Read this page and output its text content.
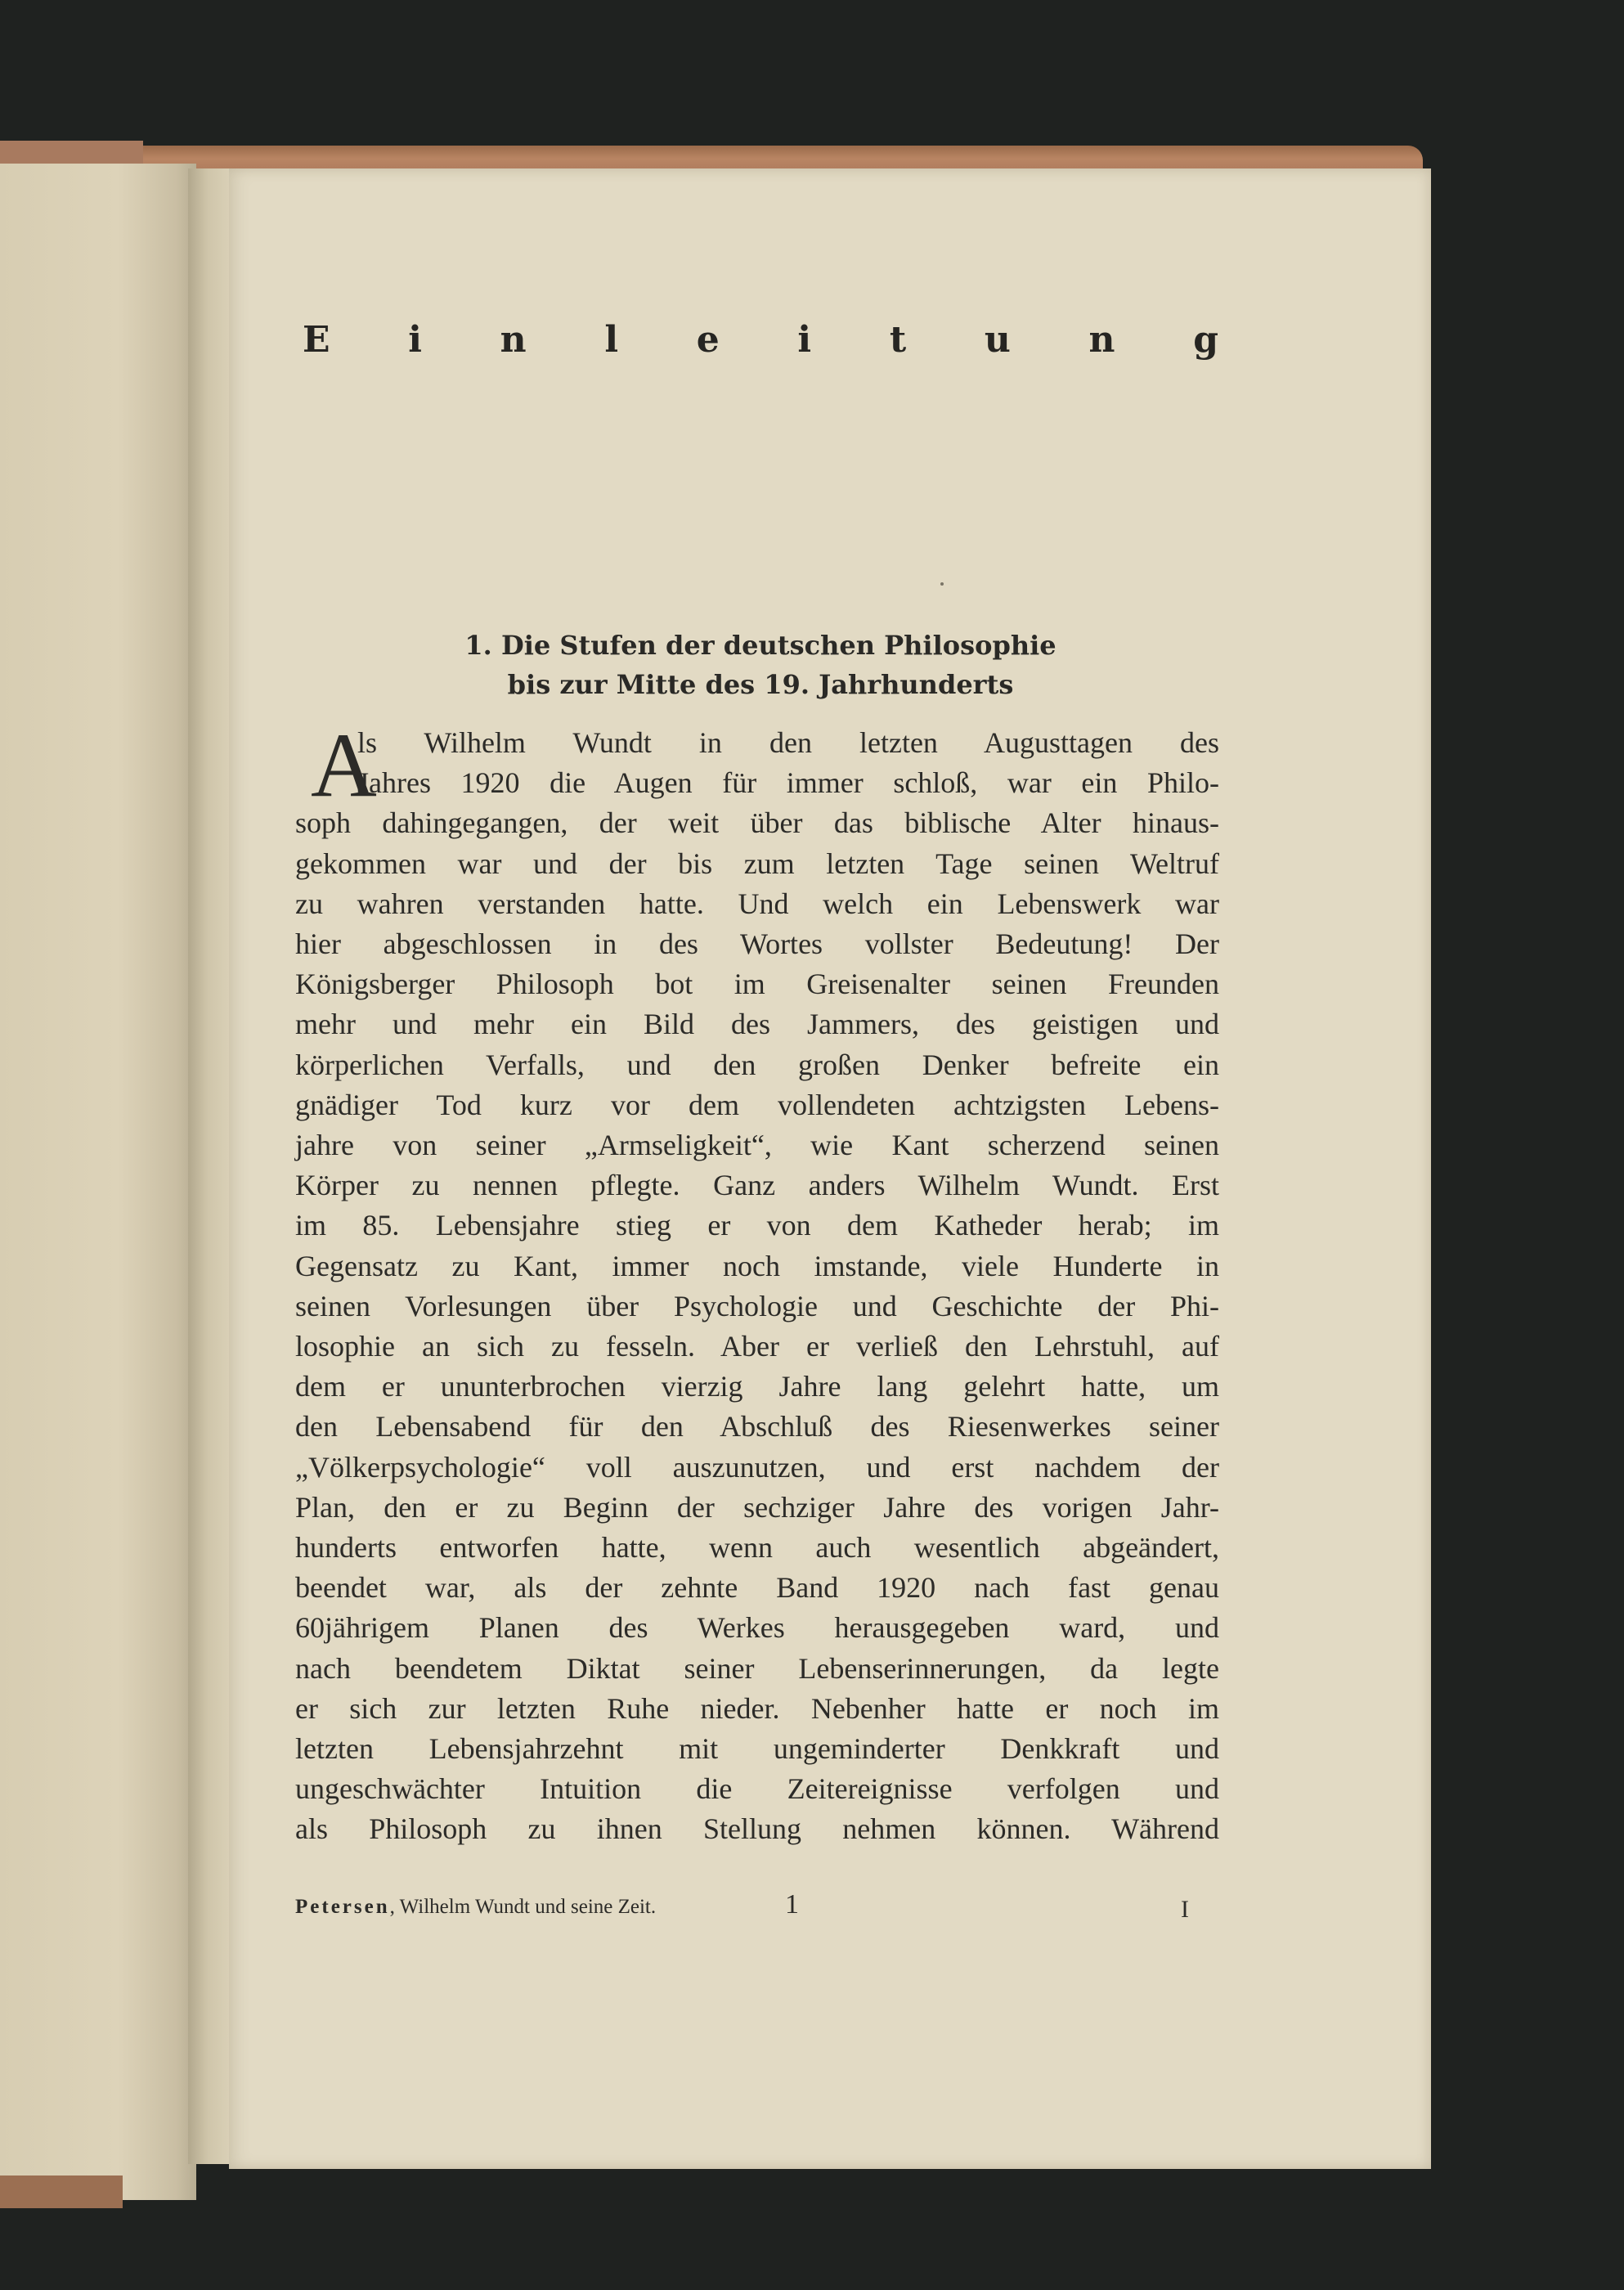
E i n l e i t u n g
1. Die Stufen der deutschen Philosophie
bis zur Mitte des 19. Jahrhunderts
A
ls Wilhelm Wundt in den letzten Augusttagen des
Jahres 1920 die Augen für immer schloß, war ein Philo-
soph dahingegangen, der weit über das biblische Alter hinaus-
gekommen war und der bis zum letzten Tage seinen Weltruf
zu wahren verstanden hatte. Und welch ein Lebenswerk war
hier abgeschlossen in des Wortes vollster Bedeutung! Der
Königsberger Philosoph bot im Greisenalter seinen Freunden
mehr und mehr ein Bild des Jammers, des geistigen und
körperlichen Verfalls, und den großen Denker befreite ein
gnädiger Tod kurz vor dem vollendeten achtzigsten Lebens-
jahre von seiner „Armseligkeit“, wie Kant scherzend seinen
Körper zu nennen pflegte. Ganz anders Wilhelm Wundt. Erst
im 85. Lebensjahre stieg er von dem Katheder herab; im
Gegensatz zu Kant, immer noch imstande, viele Hunderte in
seinen Vorlesungen über Psychologie und Geschichte der Phi-
losophie an sich zu fesseln. Aber er verließ den Lehrstuhl, auf
dem er ununterbrochen vierzig Jahre lang gelehrt hatte, um
den Lebensabend für den Abschluß des Riesenwerkes seiner
„Völkerpsychologie“ voll auszunutzen, und erst nachdem der
Plan, den er zu Beginn der sechziger Jahre des vorigen Jahr-
hunderts entworfen hatte, wenn auch wesentlich abgeändert,
beendet war, als der zehnte Band 1920 nach fast genau
60jährigem Planen des Werkes herausgegeben ward, und
nach beendetem Diktat seiner Lebenserinnerungen, da legte
er sich zur letzten Ruhe nieder. Nebenher hatte er noch im
letzten Lebensjahrzehnt mit ungeminderter Denkkraft und
ungeschwächter Intuition die Zeitereignisse verfolgen und
als Philosoph zu ihnen Stellung nehmen können. Während
Petersen, Wilhelm Wundt und seine Zeit.	1	I
